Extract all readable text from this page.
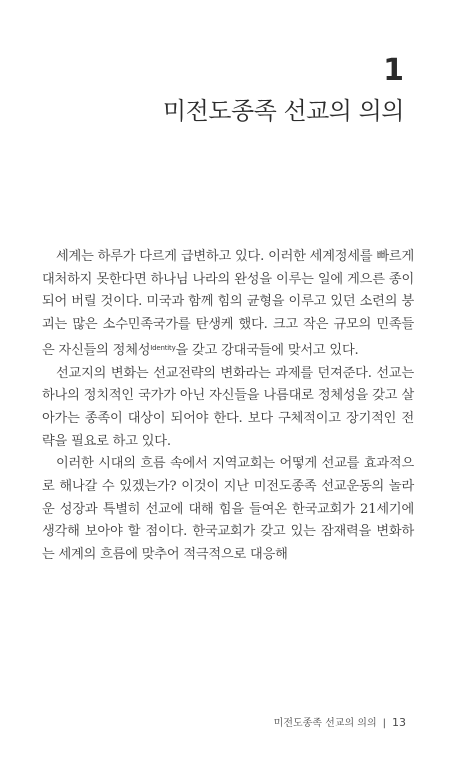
1
미전도종족 선교의 의의

세계는 하루가 다르게 급변하고 있다. 이러한 세계정세를 빠르게 대처하지 못한다면 하나님 나라의 완성을 이루는 일에 게으른 종이 되어 버릴 것이다. 미국과 함께 힘의 균형을 이루고 있던 소련의 붕괴는 많은 소수민족국가를 탄생케 했다. 크고 작은 규모의 민족들은 자신들의 정체성$^{Identity}$을 갖고 강대국들에 맞서고 있다.

선교지의 변화는 선교전략의 변화라는 과제를 던져준다. 선교는 하나의 정치적인 국가가 아닌 자신들을 나름대로 정체성을 갖고 살아가는 종족이 대상이 되어야 한다. 보다 구체적이고 장기적인 전략을 필요로 하고 있다.

이러한 시대의 흐름 속에서 지역교회는 어떻게 선교를 효과적으로 해나갈 수 있겠는가? 이것이 지난 미전도종족 선교운동의 놀라운 성장과 특별히 선교에 대해 힘을 들여온 한국교회가 21세기에 생각해 보아야 할 점이다. 한국교회가 갖고 있는 잠재력을 변화하는 세계의 흐름에 맞추어 적극적으로 대응해

미전도종족 선교의 의의 | 13
